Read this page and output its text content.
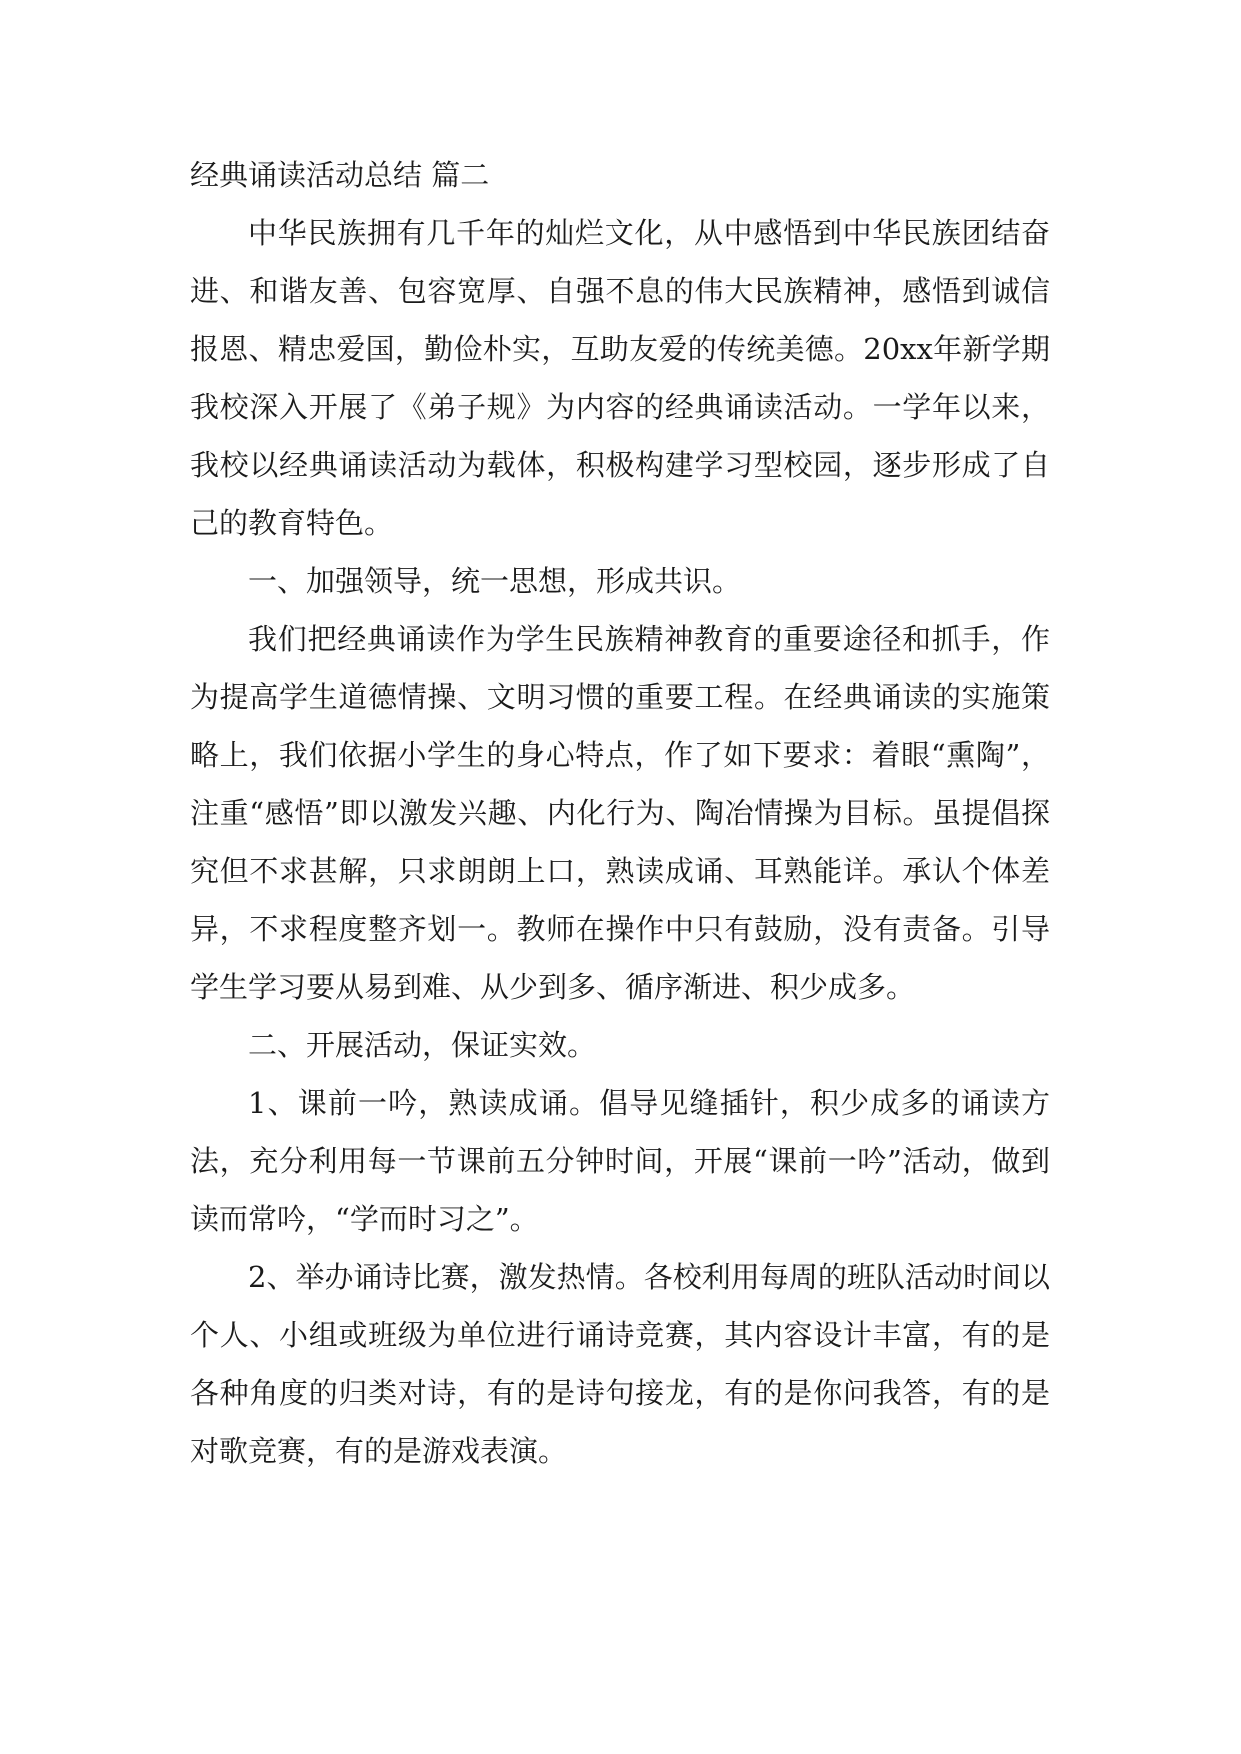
经典诵读活动总结 篇二

中华民族拥有几千年的灿烂文化，从中感悟到中华民族团结奋进、和谐友善、包容宽厚、自强不息的伟大民族精神，感悟到诚信报恩、精忠爱国，勤俭朴实，互助友爱的传统美德。20xx年新学期我校深入开展了《弟子规》为内容的经典诵读活动。一学年以来，我校以经典诵读活动为载体，积极构建学习型校园，逐步形成了自己的教育特色。

一、加强领导，统一思想，形成共识。

我们把经典诵读作为学生民族精神教育的重要途径和抓手，作为提高学生道德情操、文明习惯的重要工程。在经典诵读的实施策略上，我们依据小学生的身心特点，作了如下要求：着眼“熏陶”，注重“感悟”即以激发兴趣、内化行为、陶冶情操为目标。虽提倡探究但不求甚解，只求朗朗上口，熟读成诵、耳熟能详。承认个体差异，不求程度整齐划一。教师在操作中只有鼓励，没有责备。引导学生学习要从易到难、从少到多、循序渐进、积少成多。

二、开展活动，保证实效。

1、课前一吟，熟读成诵。倡导见缝插针，积少成多的诵读方法，充分利用每一节课前五分钟时间，开展“课前一吟”活动，做到读而常吟，“学而时习之”。

2、举办诵诗比赛，激发热情。各校利用每周的班队活动时间以个人、小组或班级为单位进行诵诗竞赛，其内容设计丰富，有的是各种角度的归类对诗，有的是诗句接龙，有的是你问我答，有的是对歌竞赛，有的是游戏表演。
